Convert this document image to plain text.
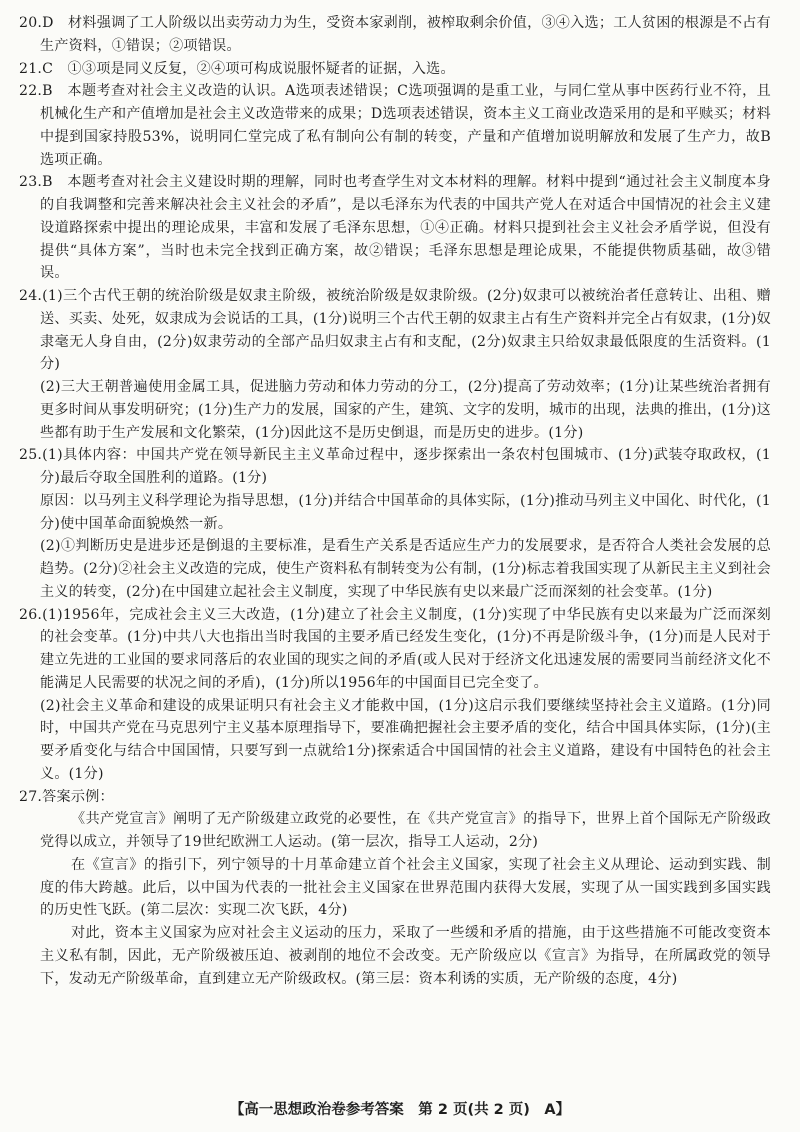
20.D　材料强调了工人阶级以出卖劳动力为生，受资本家剥削，被榨取剩余价值，③④入选；工人贫困的根源是不占有生产资料，①错误；②项错误。

21.C　①③项是同义反复，②④项可构成说服怀疑者的证据，入选。

22.B　本题考查对社会主义改造的认识。A选项表述错误；C选项强调的是重工业，与同仁堂从事中医药行业不符，且机械化生产和产值增加是社会主义改造带来的成果；D选项表述错误，资本主义工商业改造采用的是和平赎买；材料中提到国家持股53%，说明同仁堂完成了私有制向公有制的转变，产量和产值增加说明解放和发展了生产力，故B选项正确。

23.B　本题考查对社会主义建设时期的理解，同时也考查学生对文本材料的理解。材料中提到“通过社会主义制度本身的自我调整和完善来解决社会主义社会的矛盾”，是以毛泽东为代表的中国共产党人在对适合中国情况的社会主义建设道路探索中提出的理论成果，丰富和发展了毛泽东思想，①④正确。材料只提到社会主义社会矛盾学说，但没有提供“具体方案”，当时也未完全找到正确方案，故②错误；毛泽东思想是理论成果，不能提供物质基础，故③错误。

24.(1)三个古代王朝的统治阶级是奴隶主阶级，被统治阶级是奴隶阶级。(2分)奴隶可以被统治者任意转让、出租、赠送、买卖、处死，奴隶成为会说话的工具，(1分)说明三个古代王朝的奴隶主占有生产资料并完全占有奴隶，(1分)奴隶毫无人身自由，(2分)奴隶劳动的全部产品归奴隶主占有和支配，(2分)奴隶主只给奴隶最低限度的生活资料。(1分)

(2)三大王朝普遍使用金属工具，促进脑力劳动和体力劳动的分工，(2分)提高了劳动效率；(1分)让某些统治者拥有更多时间从事发明研究；(1分)生产力的发展，国家的产生，建筑、文字的发明，城市的出现，法典的推出，(1分)这些都有助于生产发展和文化繁荣，(1分)因此这不是历史倒退，而是历史的进步。(1分)

25.(1)具体内容：中国共产党在领导新民主主义革命过程中，逐步探索出一条农村包围城市、(1分)武装夺取政权，(1分)最后夺取全国胜利的道路。(1分)

原因：以马列主义科学理论为指导思想，(1分)并结合中国革命的具体实际，(1分)推动马列主义中国化、时代化，(1分)使中国革命面貌焕然一新。

(2)①判断历史是进步还是倒退的主要标准，是看生产关系是否适应生产力的发展要求，是否符合人类社会发展的总趋势。(2分)②社会主义改造的完成，使生产资料私有制转变为公有制，(1分)标志着我国实现了从新民主主义到社会主义的转变，(2分)在中国建立起社会主义制度，实现了中华民族有史以来最广泛而深刻的社会变革。(1分)

26.(1)1956年，完成社会主义三大改造，(1分)建立了社会主义制度，(1分)实现了中华民族有史以来最为广泛而深刻的社会变革。(1分)中共八大也指出当时我国的主要矛盾已经发生变化，(1分)不再是阶级斗争，(1分)而是人民对于建立先进的工业国的要求同落后的农业国的现实之间的矛盾(或人民对于经济文化迅速发展的需要同当前经济文化不能满足人民需要的状况之间的矛盾)，(1分)所以1956年的中国面目已完全变了。

(2)社会主义革命和建设的成果证明只有社会主义才能救中国，(1分)这启示我们要继续坚持社会主义道路。(1分)同时，中国共产党在马克思列宁主义基本原理指导下，要准确把握社会主要矛盾的变化，结合中国具体实际，(1分)(主要矛盾变化与结合中国国情，只要写到一点就给1分)探索适合中国国情的社会主义道路，建设有中国特色的社会主义。(1分)

27.答案示例：

《共产党宣言》阐明了无产阶级建立政党的必要性，在《共产党宣言》的指导下，世界上首个国际无产阶级政党得以成立，并领导了19世纪欧洲工人运动。(第一层次，指导工人运动，2分)

在《宣言》的指引下，列宁领导的十月革命建立首个社会主义国家，实现了社会主义从理论、运动到实践、制度的伟大跨越。此后，以中国为代表的一批社会主义国家在世界范围内获得大发展，实现了从一国实践到多国实践的历史性飞跃。(第二层次：实现二次飞跃，4分)

对此，资本主义国家为应对社会主义运动的压力，采取了一些缓和矛盾的措施，由于这些措施不可能改变资本主义私有制，因此，无产阶级被压迫、被剥削的地位不会改变。无产阶级应以《宣言》为指导，在所属政党的领导下，发动无产阶级革命，直到建立无产阶级政权。(第三层：资本利诱的实质，无产阶级的态度，4分)

【高一思想政治卷参考答案　第 2 页(共 2 页)　A】
